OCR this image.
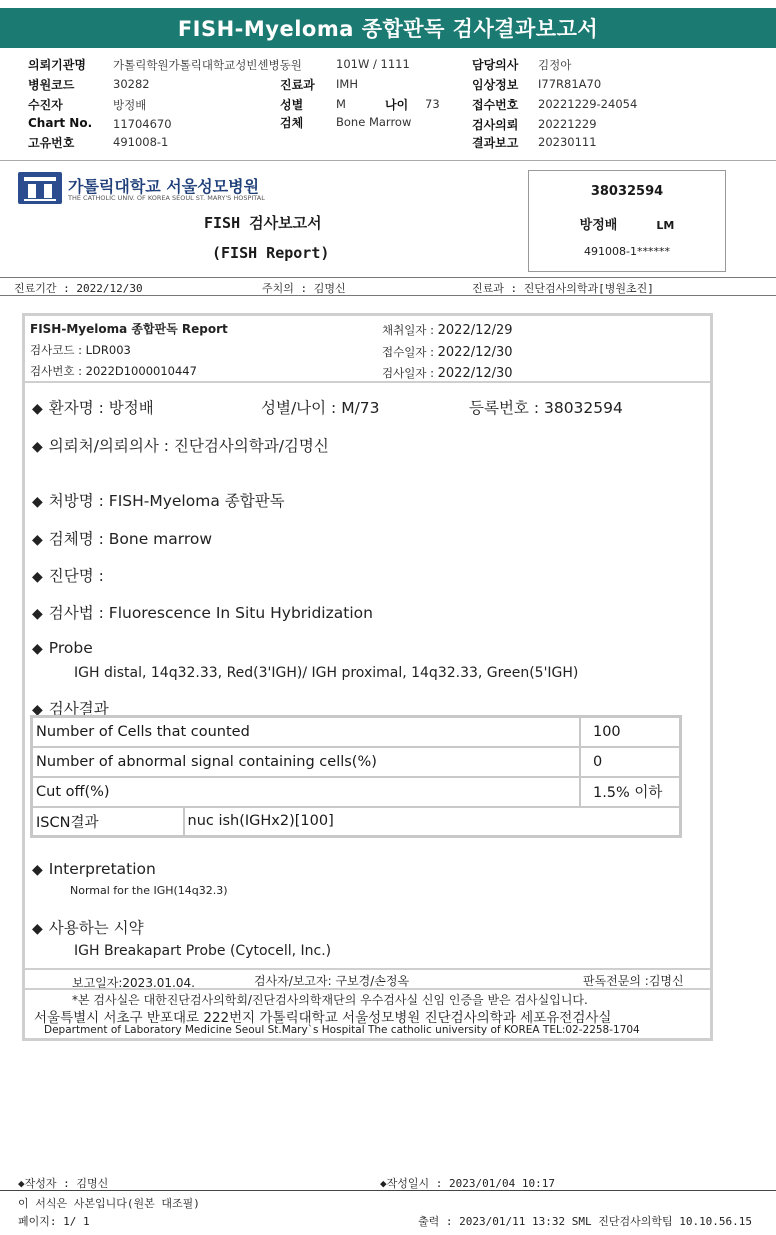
FISH-Myeloma 종합판독 검사결과보고서
의뢰기관명 가톨릭학원가톨릭대학교성빈센병동원	101W / 1111	담당의사 김정아
병원코드	30282	진료과 IMH	임상정보 I77R81A70
수진자	방정배	성별	M	나이 73	접수번호 20221229-24054
Chart No. 11704670	검체	Bone Marrow	검사의뢰 20221229
고유번호	491008-1	결과보고 20230111
가톨릭대학교 서울성모병원
THE CATHOLIC UNIV. OF KOREA SEOUL ST. MARY'S HOSPITAL
FISH 검사보고서
(FISH Report)
38032594
방정배	LM
491008-1******
진료기간 : 2022/12/30	주치의 : 김명신	진료과 : 진단검사의학과[병원초진]
FISH-Myeloma 종합판독 Report
검사코드 : LDR003
검사번호 : 2022D1000010447
채취일자 : 2022/12/29
접수일자 : 2022/12/30
검사일자 : 2022/12/30
◆ 환자명 : 방정배	성별/나이 : M/73	등록번호 : 38032594
◆ 의뢰처/의뢰의사 : 진단검사의학과/김명신
◆ 처방명 : FISH-Myeloma 종합판독
◆ 검체명 : Bone marrow
◆ 진단명 :
◆ 검사법 : Fluorescence In Situ Hybridization
◆ Probe
IGH distal, 14q32.33, Red(3'IGH)/ IGH proximal, 14q32.33, Green(5'IGH)
◆ 검사결과
Number of Cells that counted		100
Number of abnormal signal containing cells(%)		0
Cut off(%)		1.5% 이하
ISCN결과	nuc ish(IGHx2)[100]	
◆ Interpretation
Normal for the IGH(14q32.3)
◆ 사용하는 시약
IGH Breakapart Probe (Cytocell, Inc.)
보고일자:2023.01.04.	검사자/보고자: 구보경/손정옥	판독전문의 :김명신
*본 검사실은 대한진단검사의학회/진단검사의학재단의 우수검사실 신임 인증을 받은 검사실입니다.
서울특별시 서초구 반포대로 222번지 가톨릭대학교 서울성모병원 진단검사의학과 세포유전검사실
Department of Laboratory Medicine Seoul St.Mary`s Hospital The catholic university of KOREA TEL:02-2258-1704
◆작성자 : 김명신	◆작성일시 : 2023/01/04 10:17
이 서식은 사본입니다(원본 대조필)
페이지: 1/ 1	출력 : 2023/01/11 13:32 SML 진단검사의학팀 10.10.56.15
